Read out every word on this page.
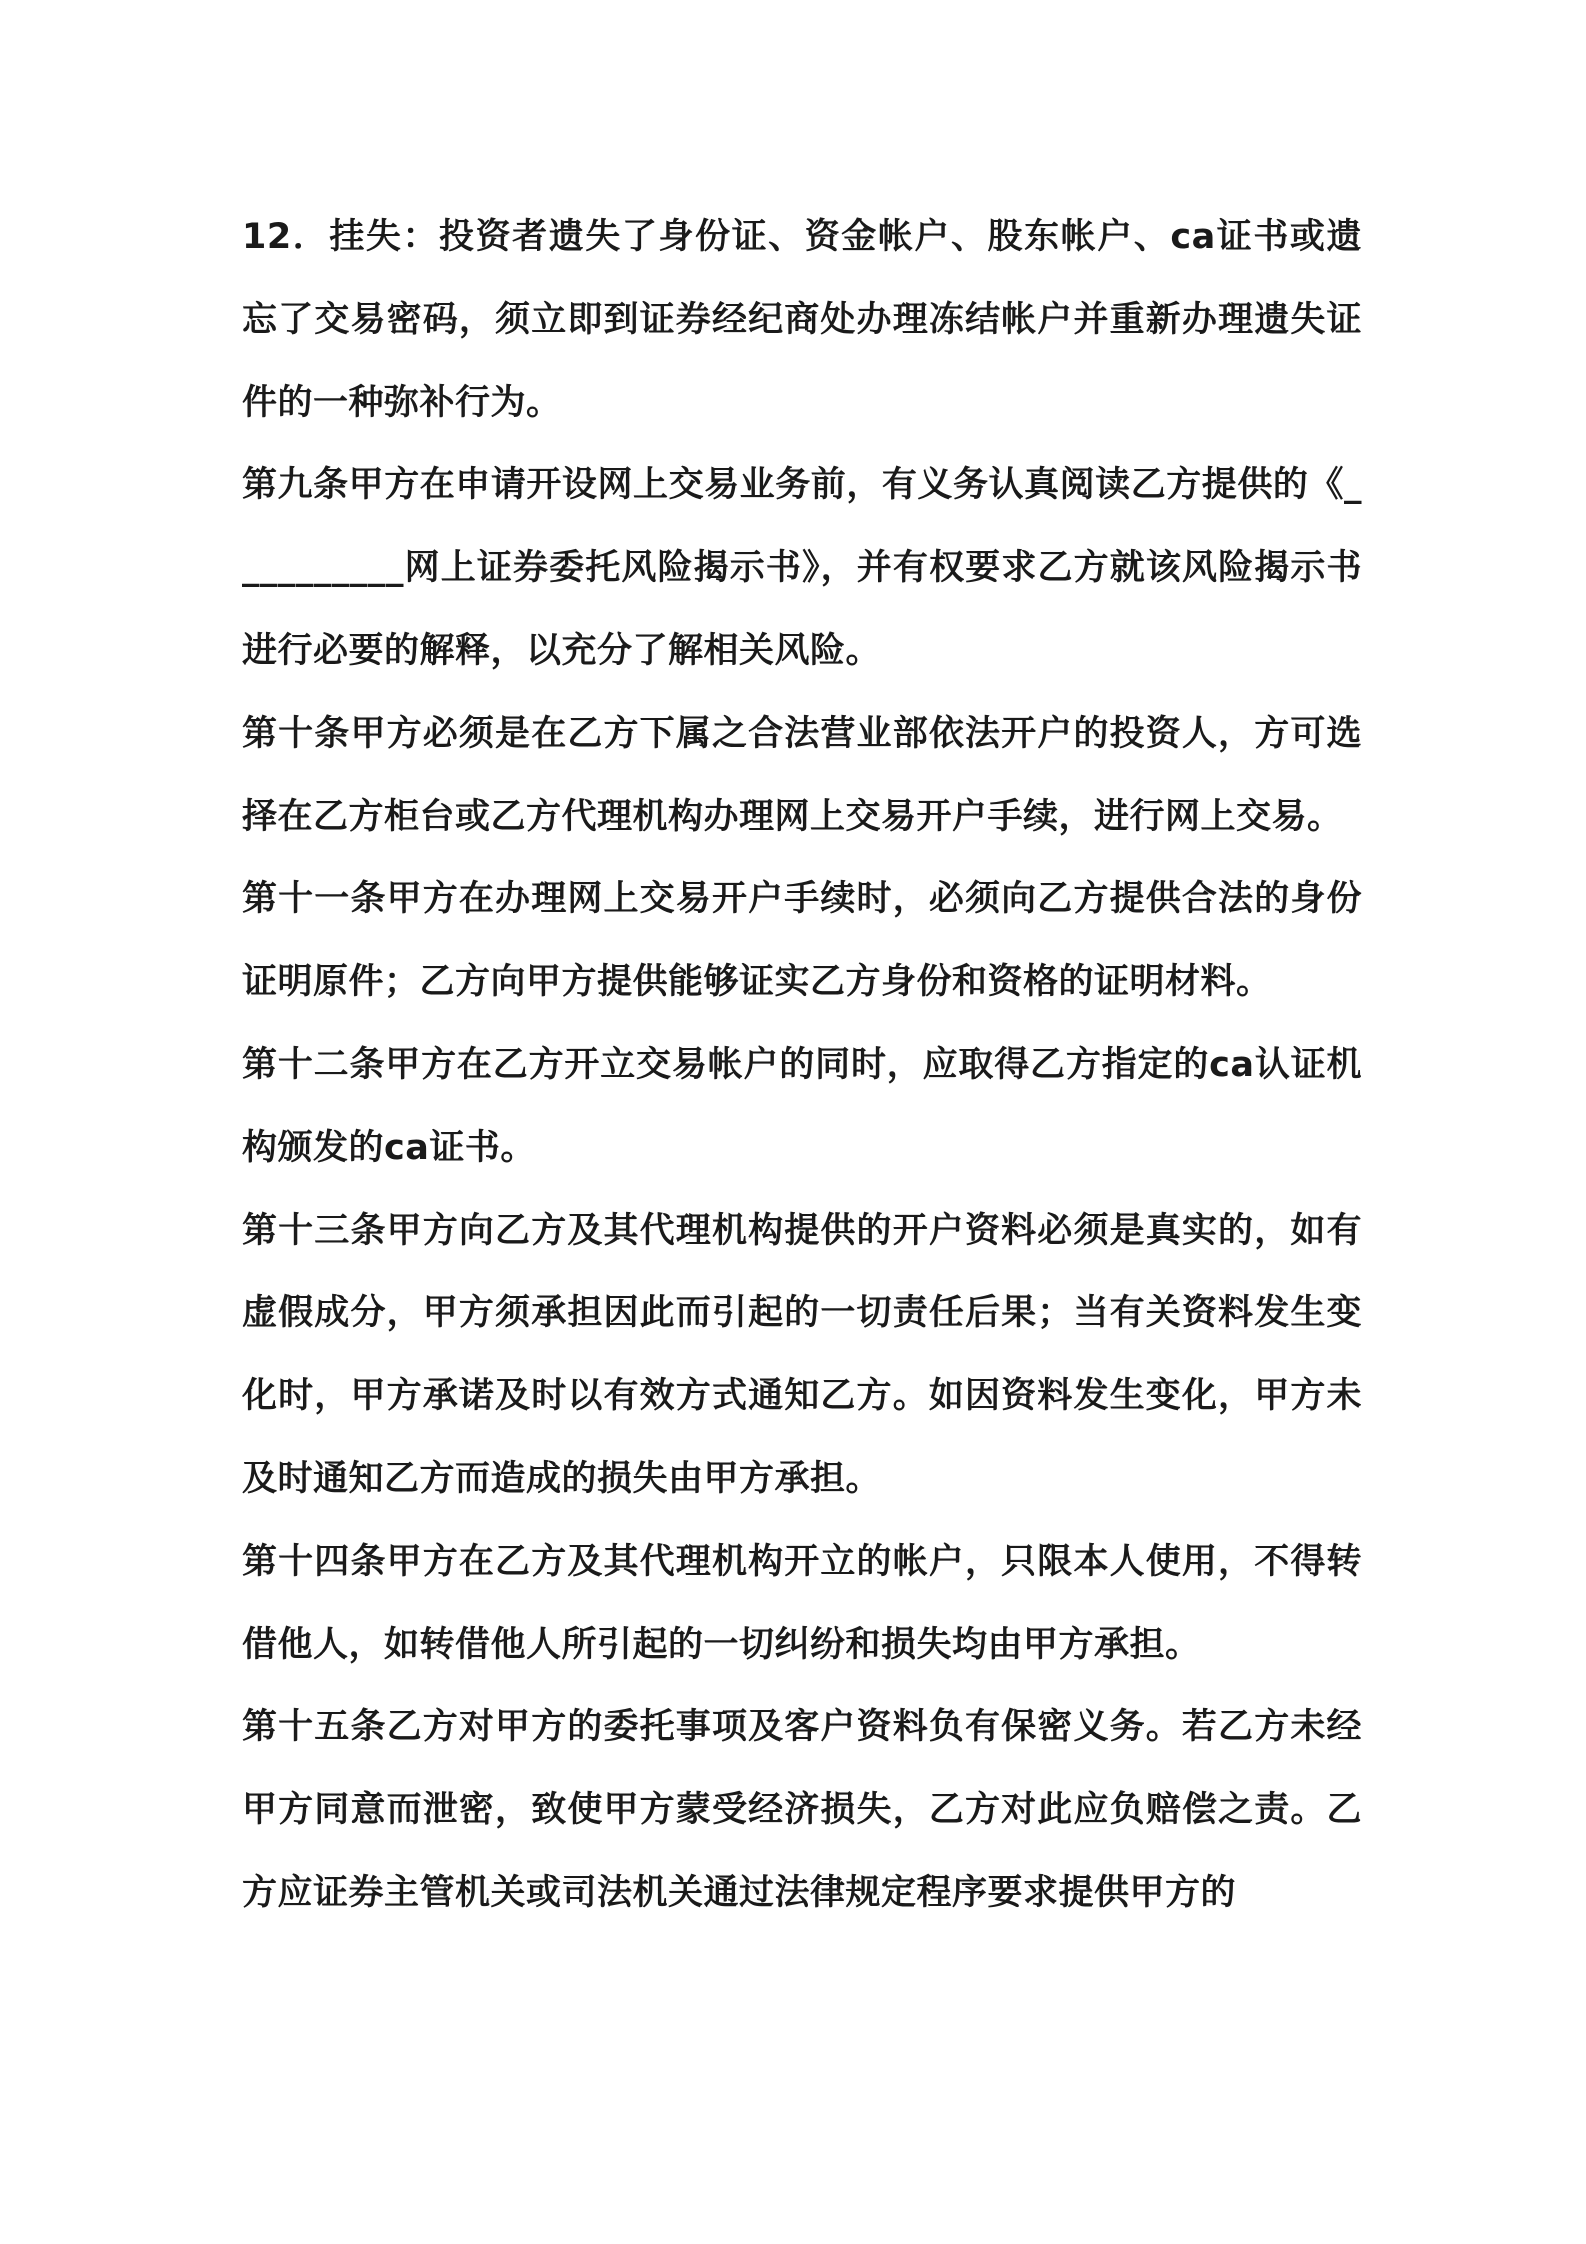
12．挂失：投资者遗失了身份证、资金帐户、股东帐户、ca证书或遗忘了交易密码，须立即到证券经纪商处办理冻结帐户并重新办理遗失证件的一种弥补行为。

第九条甲方在申请开设网上交易业务前，有义务认真阅读乙方提供的《__________网上证券委托风险揭示书》，并有权要求乙方就该风险揭示书进行必要的解释，以充分了解相关风险。

第十条甲方必须是在乙方下属之合法营业部依法开户的投资人，方可选择在乙方柜台或乙方代理机构办理网上交易开户手续，进行网上交易。

第十一条甲方在办理网上交易开户手续时，必须向乙方提供合法的身份证明原件；乙方向甲方提供能够证实乙方身份和资格的证明材料。

第十二条甲方在乙方开立交易帐户的同时，应取得乙方指定的ca认证机构颁发的ca证书。

第十三条甲方向乙方及其代理机构提供的开户资料必须是真实的，如有虚假成分，甲方须承担因此而引起的一切责任后果；当有关资料发生变化时，甲方承诺及时以有效方式通知乙方。如因资料发生变化，甲方未及时通知乙方而造成的损失由甲方承担。

第十四条甲方在乙方及其代理机构开立的帐户，只限本人使用，不得转借他人，如转借他人所引起的一切纠纷和损失均由甲方承担。

第十五条乙方对甲方的委托事项及客户资料负有保密义务。若乙方未经甲方同意而泄密，致使甲方蒙受经济损失，乙方对此应负赔偿之责。乙方应证券主管机关或司法机关通过法律规定程序要求提供甲方的
